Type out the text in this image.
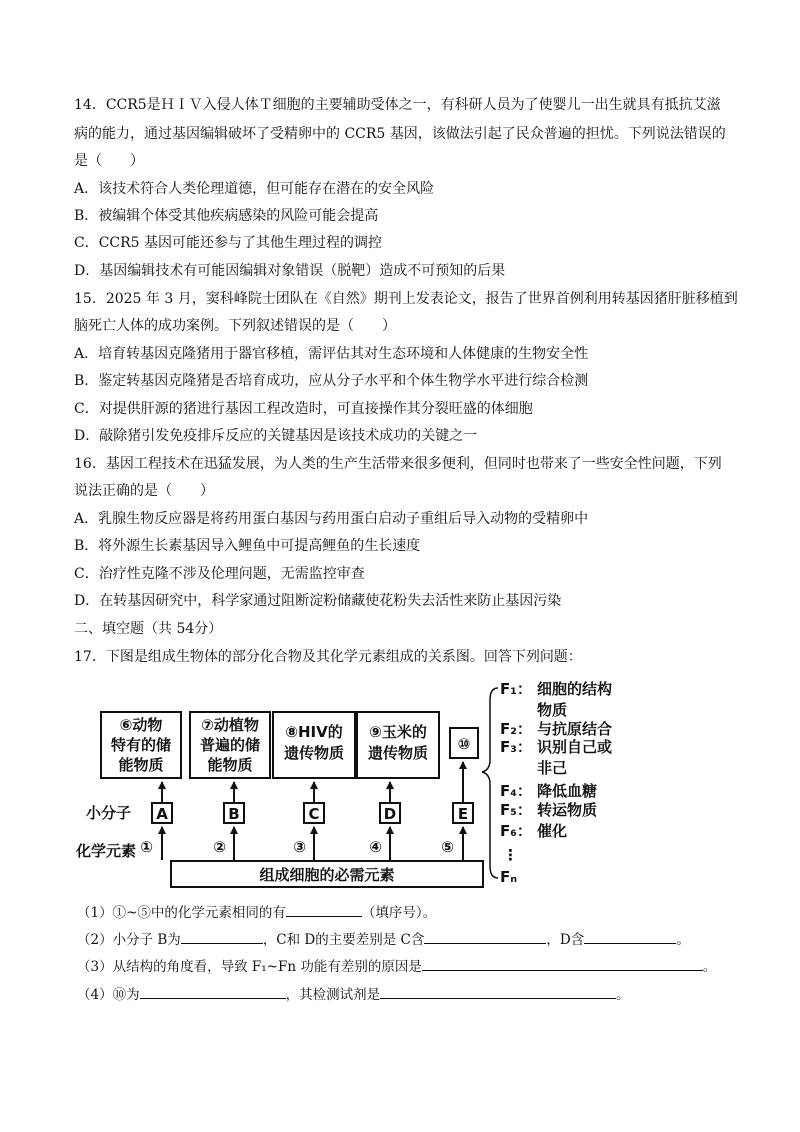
14．CCR5是ＨＩＶ入侵人体Ｔ细胞的主要辅助受体之一，有科研人员为了使婴儿一出生就具有抵抗艾滋
病的能力，通过基因编辑破坏了受精卵中的 CCR5 基因，该做法引起了民众普遍的担忧。下列说法错误的
是（　　）
A．该技术符合人类伦理道德，但可能存在潜在的安全风险
B．被编辑个体受其他疾病感染的风险可能会提高
C．CCR5 基因可能还参与了其他生理过程的调控
D．基因编辑技术有可能因编辑对象错误（脱靶）造成不可预知的后果
15．2025 年 3 月，窦科峰院士团队在《自然》期刊上发表论文，报告了世界首例利用转基因猪肝脏移植到
脑死亡人体的成功案例。下列叙述错误的是（　　）
A．培育转基因克隆猪用于器官移植，需评估其对生态环境和人体健康的生物安全性
B．鉴定转基因克隆猪是否培育成功，应从分子水平和个体生物学水平进行综合检测
C．对提供肝源的猪进行基因工程改造时，可直接操作其分裂旺盛的体细胞
D．敲除猪引发免疫排斥反应的关键基因是该技术成功的关键之一
16．基因工程技术在迅猛发展，为人类的生产生活带来很多便利，但同时也带来了一些安全性问题，下列
说法正确的是（　　）
A．乳腺生物反应器是将药用蛋白基因与药用蛋白启动子重组后导入动物的受精卵中
B．将外源生长素基因导入鲤鱼中可提高鲤鱼的生长速度
C．治疗性克隆不涉及伦理问题，无需监控审查
D．在转基因研究中，科学家通过阻断淀粉储藏使花粉失去活性来防止基因污染
二、填空题（共 54分）
17．下图是组成生物体的部分化合物及其化学元素组成的关系图。回答下列问题：
⑥动物
特有的储
能物质
⑦动植物
普遍的储
能物质
⑧HIV的
遗传物质
⑨玉米的
遗传物质 ⑩
小分子 A	B	C	D	E
化学元素 ①	②	③	④	⑤
组成细胞的必需元素
F₁： 细胞的结构
物质
F₂： 与抗原结合
F₃： 识别自己或
非己
F₄： 降低血糖
F₅： 转运物质
F₆： 催化
⋮
Fₙ
（1）①~⑤中的化学元素相同的有	（填序号）。
（2）小分子 B为	，C和 D的主要差别是 C含	，D含	。
（3）从结构的角度看，导致 F₁~Fn 功能有差别的原因是	。
（4）⑩为	，其检测试剂是	。
